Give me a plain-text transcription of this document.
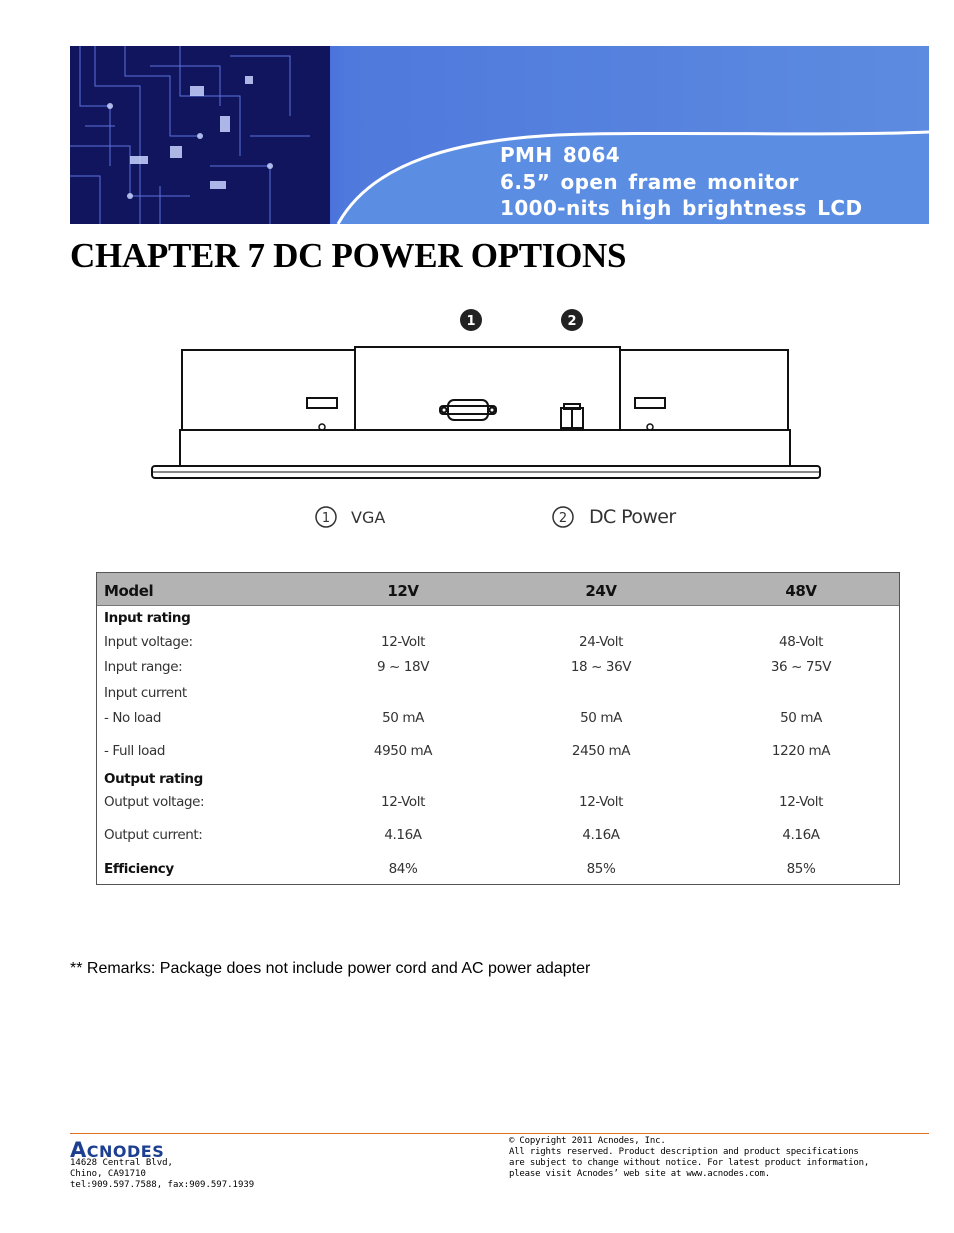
PMH 8064
6.5” open frame monitor
1000-nits high brightness LCD
CHAPTER 7 DC POWER OPTIONS
1	2
1	2
VGA	DC Power
Model	12V	24V	48V
Input rating
Input voltage:	12-Volt	24-Volt	48-Volt
Input range:	9 ~ 18V	18 ~ 36V	36 ~ 75V
Input current
- No load	50 mA	50 mA	50 mA
- Full load	4950 mA	2450 mA	1220 mA
Output rating
Output voltage:	12-Volt	12-Volt	12-Volt
Output current:	4.16A	4.16A	4.16A
Efficiency	84%	85%	85%
** Remarks: Package does not include power cord and AC power adapter
ACNODES
14628 Central Blvd,
Chino, CA91710
tel:909.597.7588, fax:909.597.1939
© Copyright 2011 Acnodes, Inc.
All rights reserved. Product description and product specifications
are subject to change without notice. For latest product information,
please visit Acnodes’ web site at www.acnodes.com.
